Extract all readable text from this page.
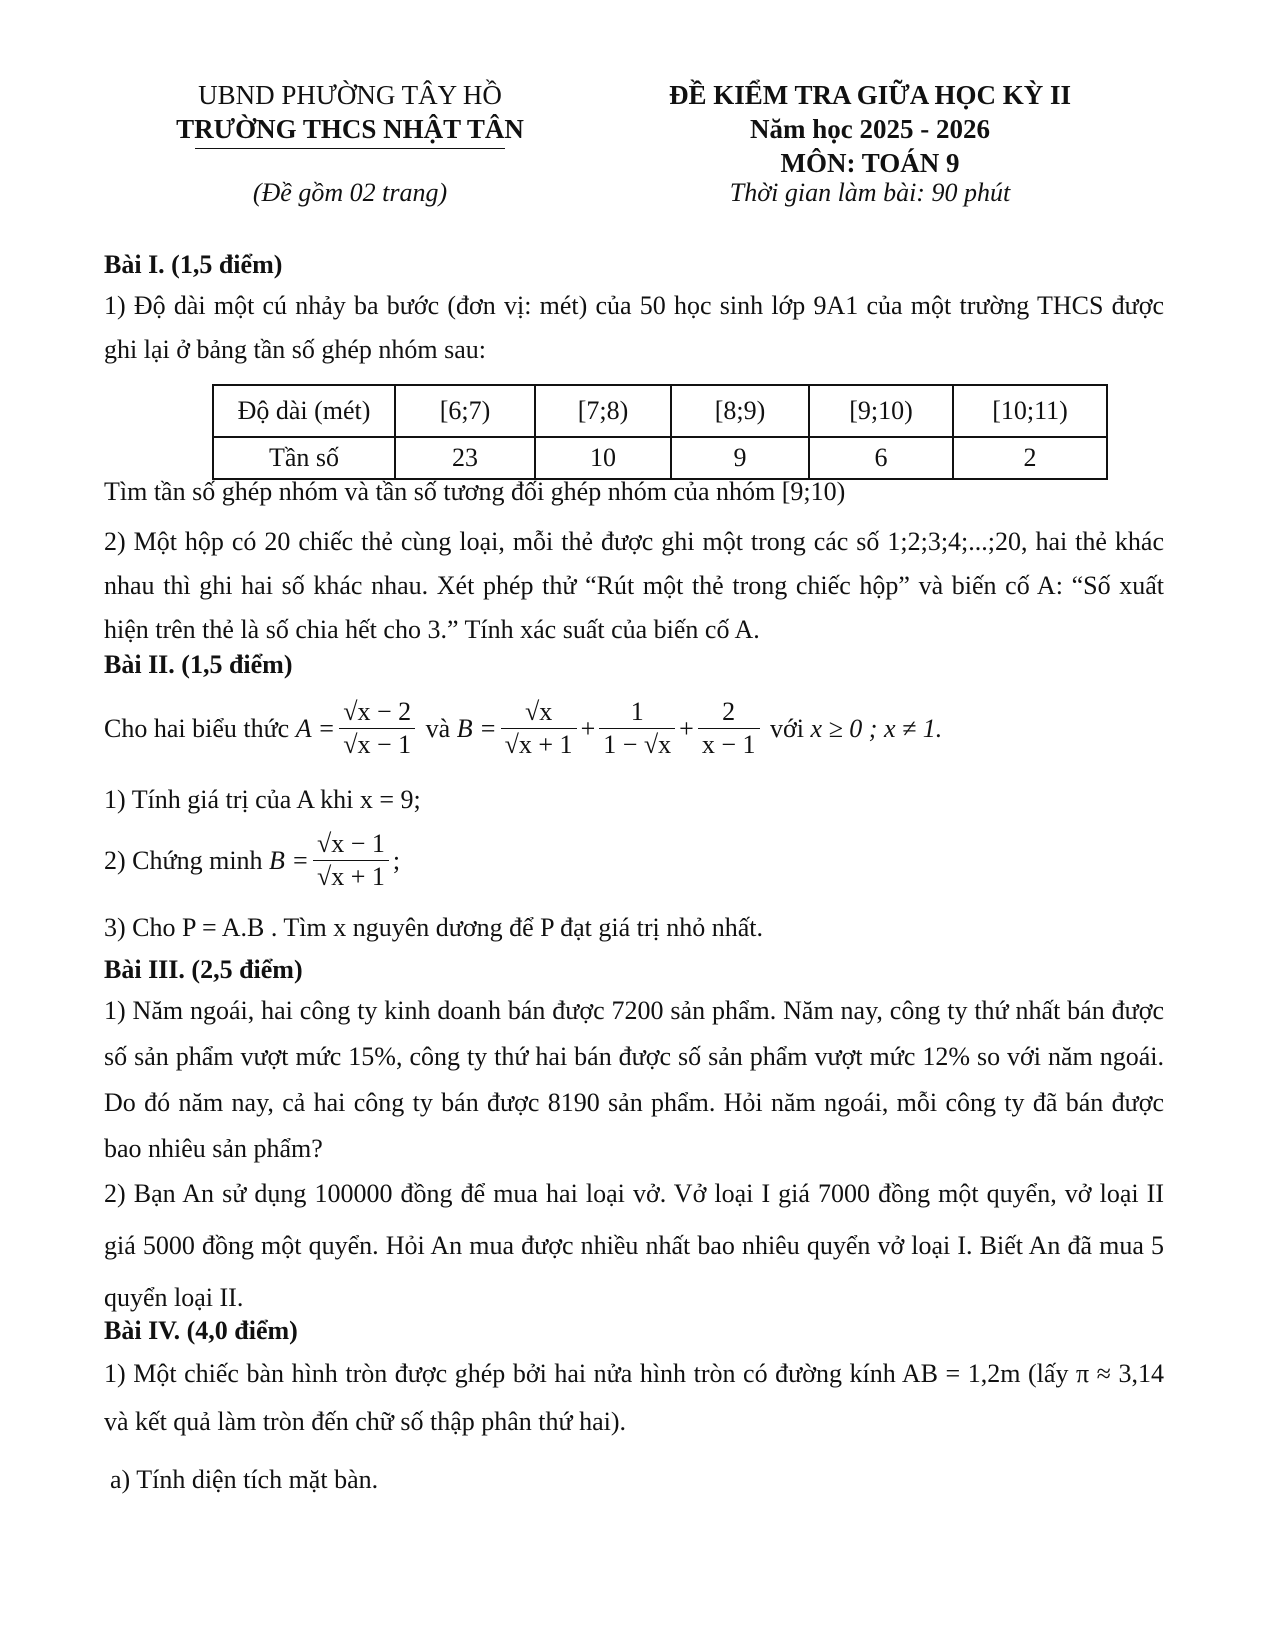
UBND PHƯỜNG TÂY HỒ
TRƯỜNG THCS NHẬT TÂN
(Đề gồm 02 trang)
ĐỀ KIỂM TRA GIỮA HỌC KỲ II
Năm học 2025 - 2026
MÔN: TOÁN 9
Thời gian làm bài: 90 phút
Bài I. (1,5 điểm)
1) Độ dài một cú nhảy ba bước (đơn vị: mét) của 50 học sinh lớp 9A1 của một trường THCS được ghi lại ở bảng tần số ghép nhóm sau:
Độ dài (mét)	[6;7)	[7;8)	[8;9)	[9;10)	[10;11)
Tần số	23	10	9	6	2
Tìm tần số ghép nhóm và tần số tương đối ghép nhóm của nhóm [9;10)
2) Một hộp có 20 chiếc thẻ cùng loại, mỗi thẻ được ghi một trong các số 1;2;3;4;...;20, hai thẻ khác nhau thì ghi hai số khác nhau. Xét phép thử “Rút một thẻ trong chiếc hộp” và biến cố A: “Số xuất hiện trên thẻ là số chia hết cho 3.” Tính xác suất của biến cố A.
Bài II. (1,5 điểm)
Cho hai biểu thức
$A = \frac{√x - 2}{√x - 1}$
và
$B = \frac{√x}{√x + 1} + \frac{1}{1 - √x} + \frac{2}{x - 1}$
với
x ≥ 0 ; x ≠ 1.
1) Tính giá trị của A khi x = 9;
2) Chứng minh
$B = \frac{√x - 1}{√x + 1}$ ;
3) Cho P = A.B . Tìm x nguyên dương để P đạt giá trị nhỏ nhất.
Bài III. (2,5 điểm)
1) Năm ngoái, hai công ty kinh doanh bán được 7200 sản phẩm. Năm nay, công ty thứ nhất bán được số sản phẩm vượt mức 15%, công ty thứ hai bán được số sản phẩm vượt mức 12% so với năm ngoái. Do đó năm nay, cả hai công ty bán được 8190 sản phẩm. Hỏi năm ngoái, mỗi công ty đã bán được bao nhiêu sản phẩm?
2) Bạn An sử dụng 100000 đồng để mua hai loại vở. Vở loại I giá 7000 đồng một quyển, vở loại II giá 5000 đồng một quyển. Hỏi An mua được nhiều nhất bao nhiêu quyển vở loại I. Biết An đã mua 5 quyển loại II.
Bài IV. (4,0 điểm)
1) Một chiếc bàn hình tròn được ghép bởi hai nửa hình tròn có đường kính AB = 1,2m (lấy π ≈ 3,14 và kết quả làm tròn đến chữ số thập phân thứ hai).
a) Tính diện tích mặt bàn.
